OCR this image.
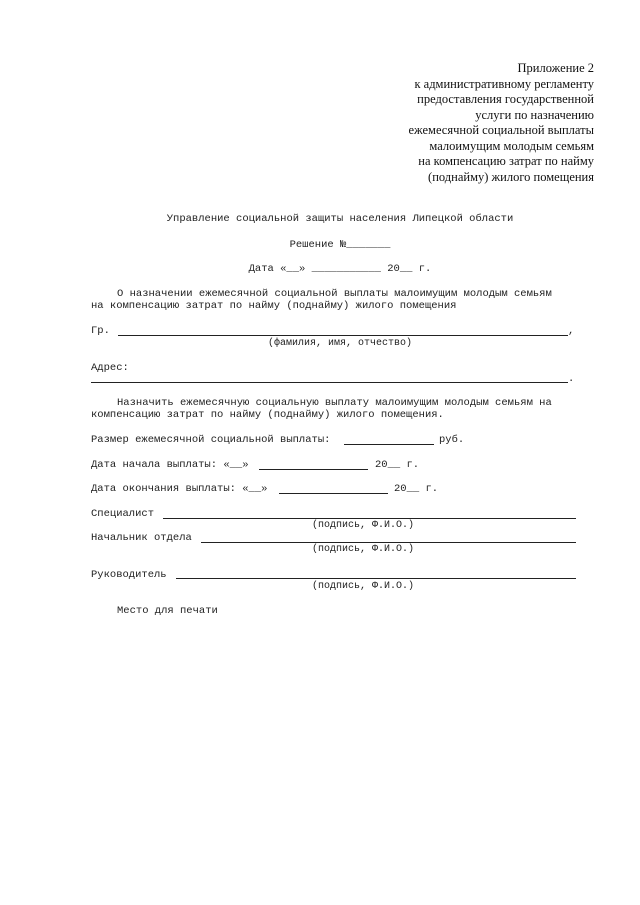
Приложение 2
к административному регламенту
предоставления государственной
услуги по назначению
ежемесячной социальной выплаты
малоимущим молодым семьям
на компенсацию затрат по найму
(поднайму) жилого помещения
Управление социальной защиты населения Липецкой области
Решение №_______
Дата «__» ___________ 20__ г.
О назначении ежемесячной социальной выплаты малоимущим молодым семьям
на компенсацию затрат по найму (поднайму) жилого помещения
Гр.	,
(фамилия, имя, отчество)
Адрес:
.
Назначить ежемесячную социальную выплату малоимущим молодым семьям на
компенсацию затрат по найму (поднайму) жилого помещения.
Размер ежемесячной социальной выплаты:	руб.
Дата начала выплаты: «__»	20__ г.
Дата окончания выплаты: «__»	20__ г.
Специалист
(подпись, Ф.И.О.)
Начальник отдела
(подпись, Ф.И.О.)
Руководитель
(подпись, Ф.И.О.)
Место для печати
